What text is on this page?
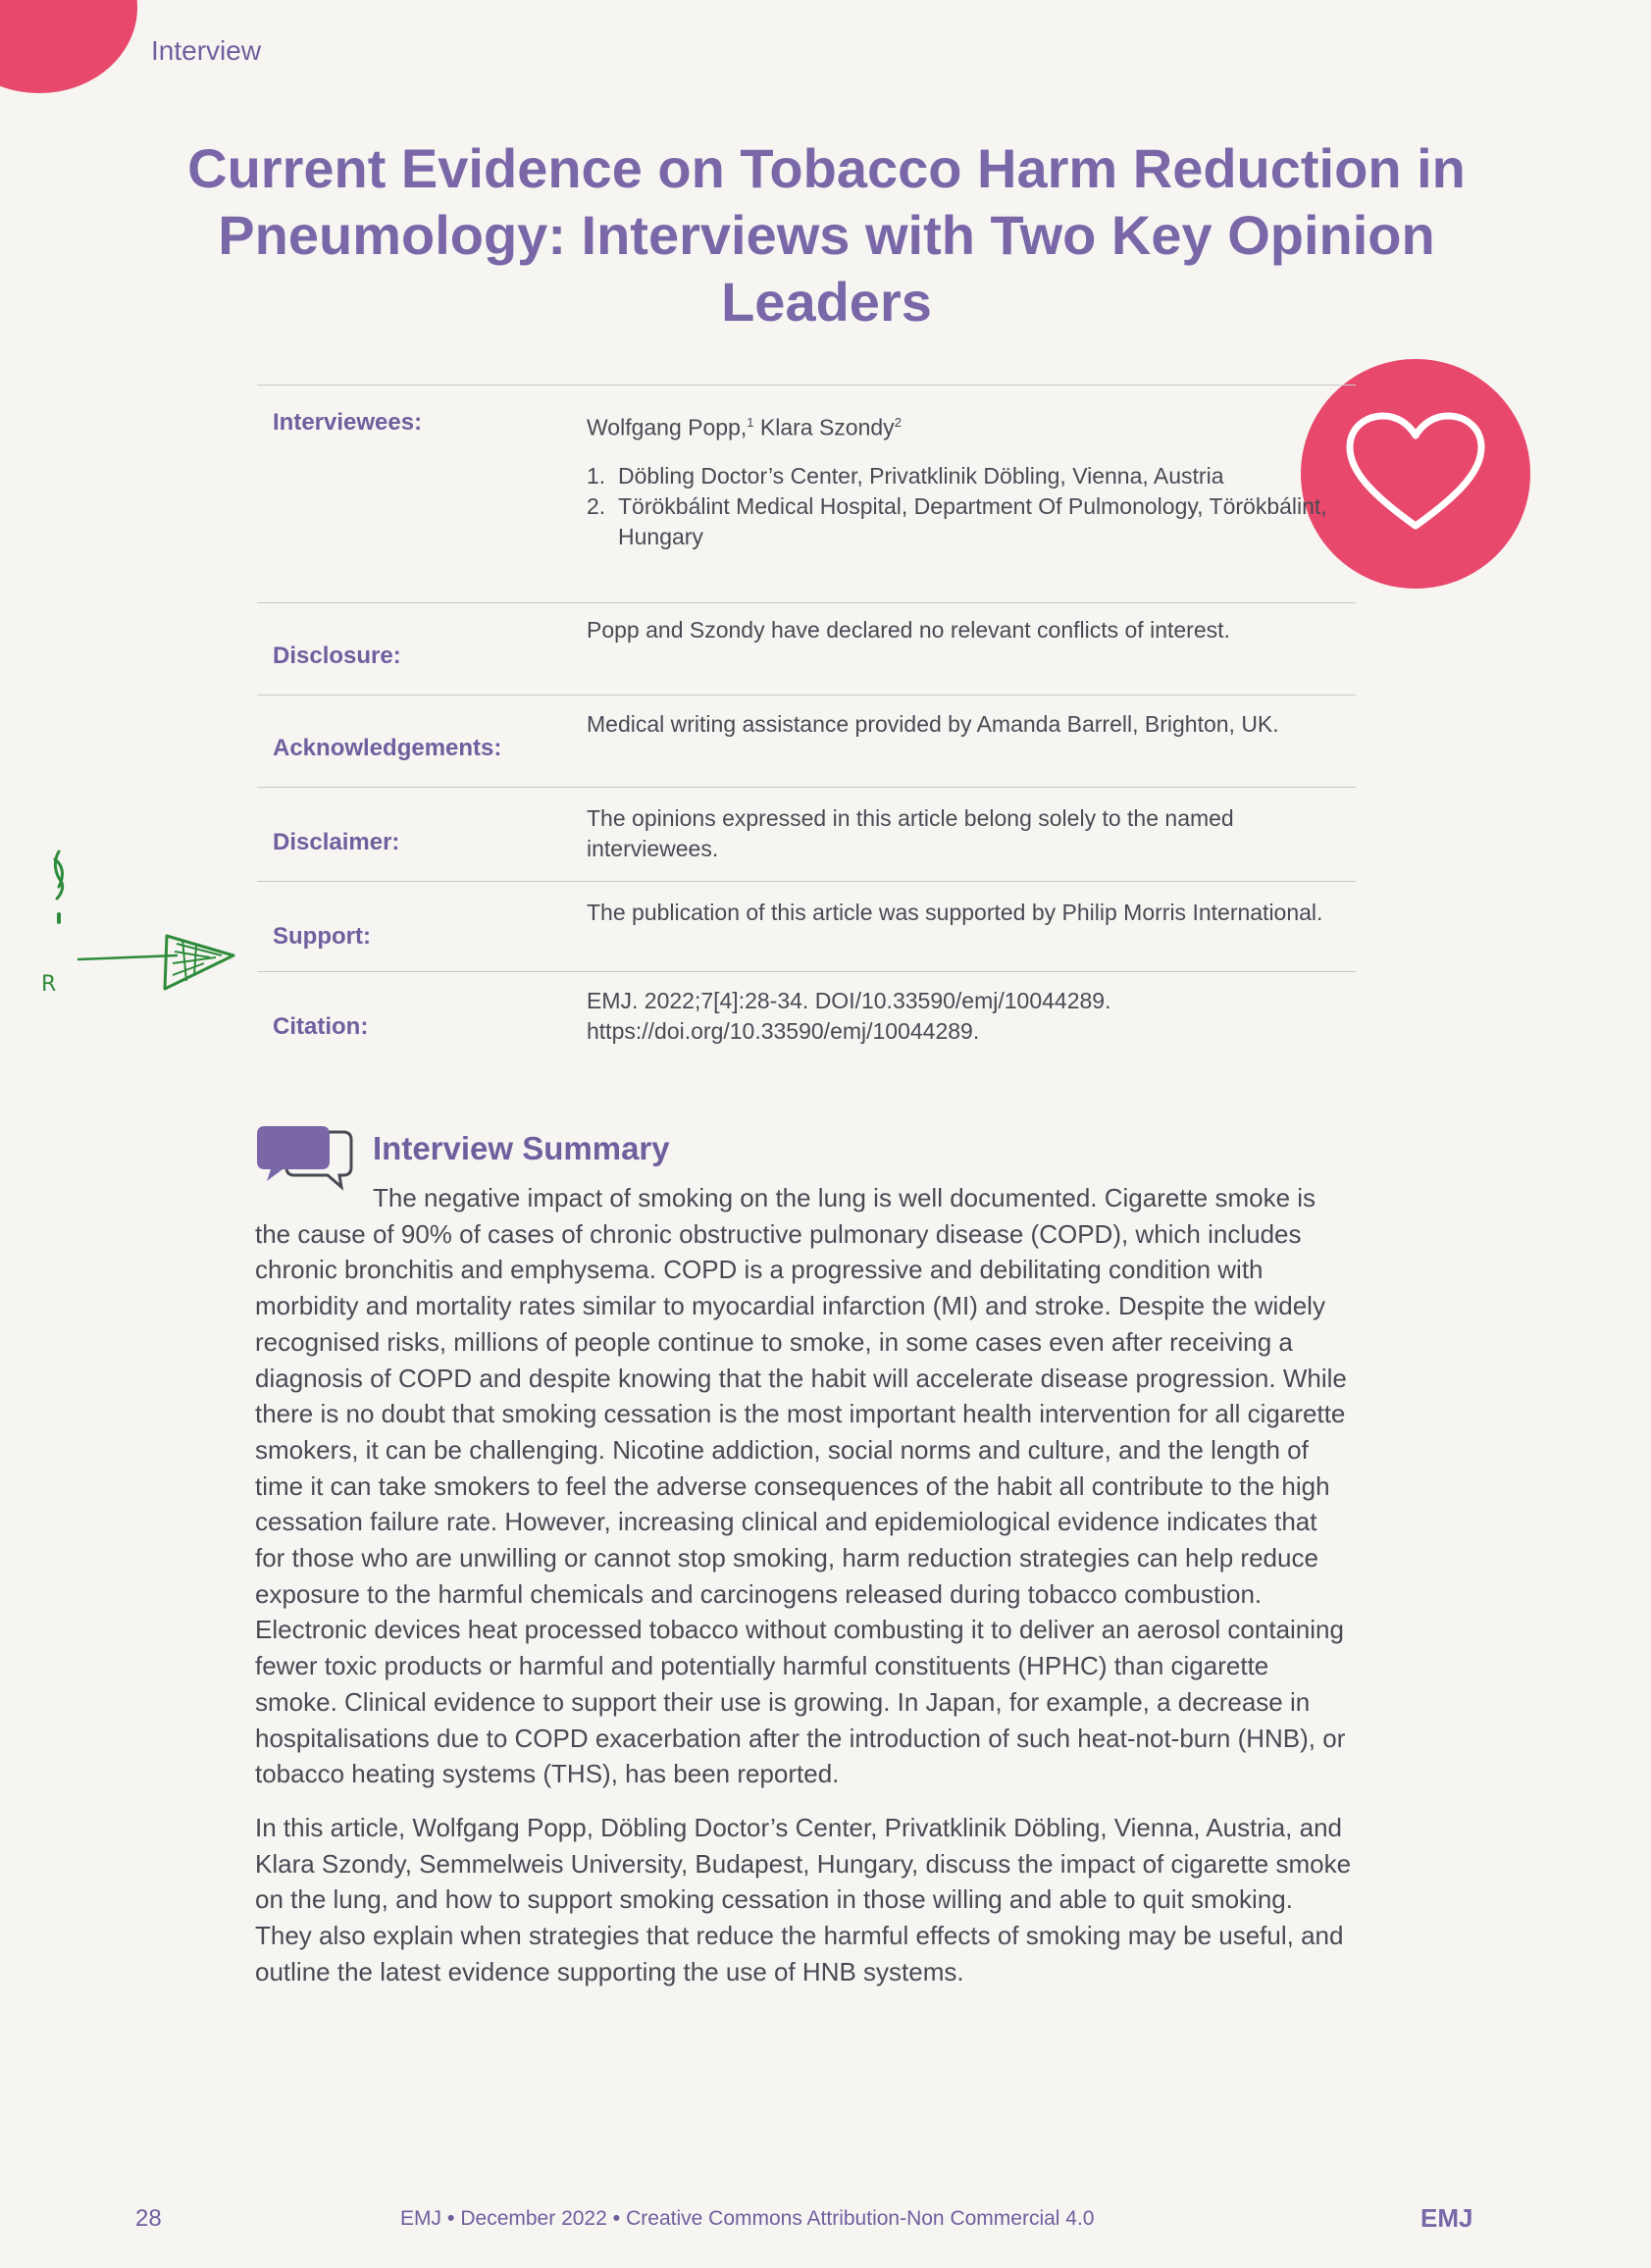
Interview
Current Evidence on Tobacco Harm Reduction in Pneumology: Interviews with Two Key Opinion Leaders
Interviewees:	Wolfgang Popp,$^1$ Klara Szondy$^2$
1. Döbling Doctor’s Center, Privatklinik Döbling, Vienna, Austria
2. Törökbálint Medical Hospital, Department Of Pulmonology, Törökbálint, Hungary
Disclosure:
Popp and Szondy have declared no relevant conflicts of interest.
Acknowledgements:
Medical writing assistance provided by Amanda Barrell, Brighton, UK.
Disclaimer:
The opinions expressed in this article belong solely to the named interviewees.
Support:
The publication of this article was supported by Philip Morris International.
Citation:
EMJ. 2022;7[4]:28-34. DOI/10.33590/emj/10044289. https://doi.org/10.33590/emj/10044289.
R
Interview Summary

The negative impact of smoking on the lung is well documented. Cigarette smoke is the cause of 90% of cases of chronic obstructive pulmonary disease (COPD), which includes chronic bronchitis and emphysema. COPD is a progressive and debilitating condition with morbidity and mortality rates similar to myocardial infarction (MI) and stroke. Despite the widely recognised risks, millions of people continue to smoke, in some cases even after receiving a diagnosis of COPD and despite knowing that the habit will accelerate disease progression. While there is no doubt that smoking cessation is the most important health intervention for all cigarette smokers, it can be challenging. Nicotine addiction, social norms and culture, and the length of time it can take smokers to feel the adverse consequences of the habit all contribute to the high cessation failure rate. However, increasing clinical and epidemiological evidence indicates that for those who are unwilling or cannot stop smoking, harm reduction strategies can help reduce exposure to the harmful chemicals and carcinogens released during tobacco combustion. Electronic devices heat processed tobacco without combusting it to deliver an aerosol containing fewer toxic products or harmful and potentially harmful constituents (HPHC) than cigarette smoke. Clinical evidence to support their use is growing. In Japan, for example, a decrease in hospitalisations due to COPD exacerbation after the introduction of such heat-not-burn (HNB), or tobacco heating systems (THS), has been reported.

In this article, Wolfgang Popp, Döbling Doctor’s Center, Privatklinik Döbling, Vienna, Austria, and Klara Szondy, Semmelweis University, Budapest, Hungary, discuss the impact of cigarette smoke on the lung, and how to support smoking cessation in those willing and able to quit smoking. They also explain when strategies that reduce the harmful effects of smoking may be useful, and outline the latest evidence supporting the use of HNB systems.

28	EMJ • December 2022 • Creative Commons Attribution-Non Commercial 4.0	EMJ
